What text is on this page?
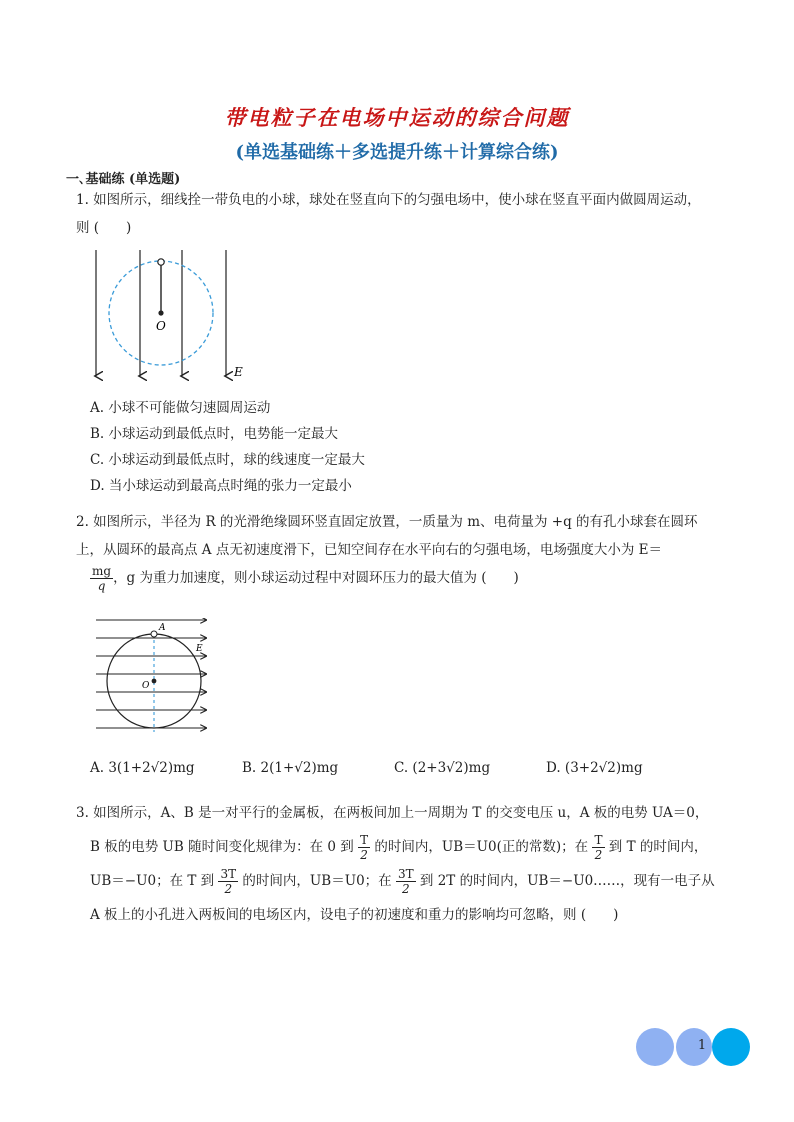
带电粒子在电场中运动的综合问题
(单选基础练＋多选提升练＋计算综合练)
一､基础练 (单选题)
1. 如图所示，细线拴一带负电的小球，球处在竖直向下的匀强电场中，使小球在竖直平面内做圆周运动，
则 (　　)
O
E
A. 小球不可能做匀速圆周运动
B. 小球运动到最低点时，电势能一定最大
C. 小球运动到最低点时，球的线速度一定最大
D. 当小球运动到最高点时绳的张力一定最小
2. 如图所示，半径为 R 的光滑绝缘圆环竖直固定放置，一质量为 m、电荷量为 +q 的有孔小球套在圆环
上，从圆环的最高点 A 点无初速度滑下，已知空间存在水平向右的匀强电场，电场强度大小为 E＝
$\frac{mg}{q}$ ，g 为重力加速度，则小球运动过程中对圆环压力的最大值为 (　　)
A
E
O
A. 3(1+2√2)mg	B. 2(1+√2)mg	C. (2+3√2)mg	D. (3+2√2)mg
3. 如图所示，A、B 是一对平行的金属板，在两板间加上一周期为 T 的交变电压 u，A 板的电势 UA＝0，
B 板的电势 UB 随时间变化规律为：在 0 到 $\frac{T}{2}$ 的时间内，UB＝U0(正的常数)；在 $\frac{T}{2}$ 到 T 的时间内，
UB＝−U0；在 T 到 $\frac{3T}{2}$ 的时间内，UB＝U0；在 $\frac{3T}{2}$ 到 2T 的时间内，UB＝−U0……，现有一电子从
A 板上的小孔进入两板间的电场区内，设电子的初速度和重力的影响均可忽略，则 (　　)
1
